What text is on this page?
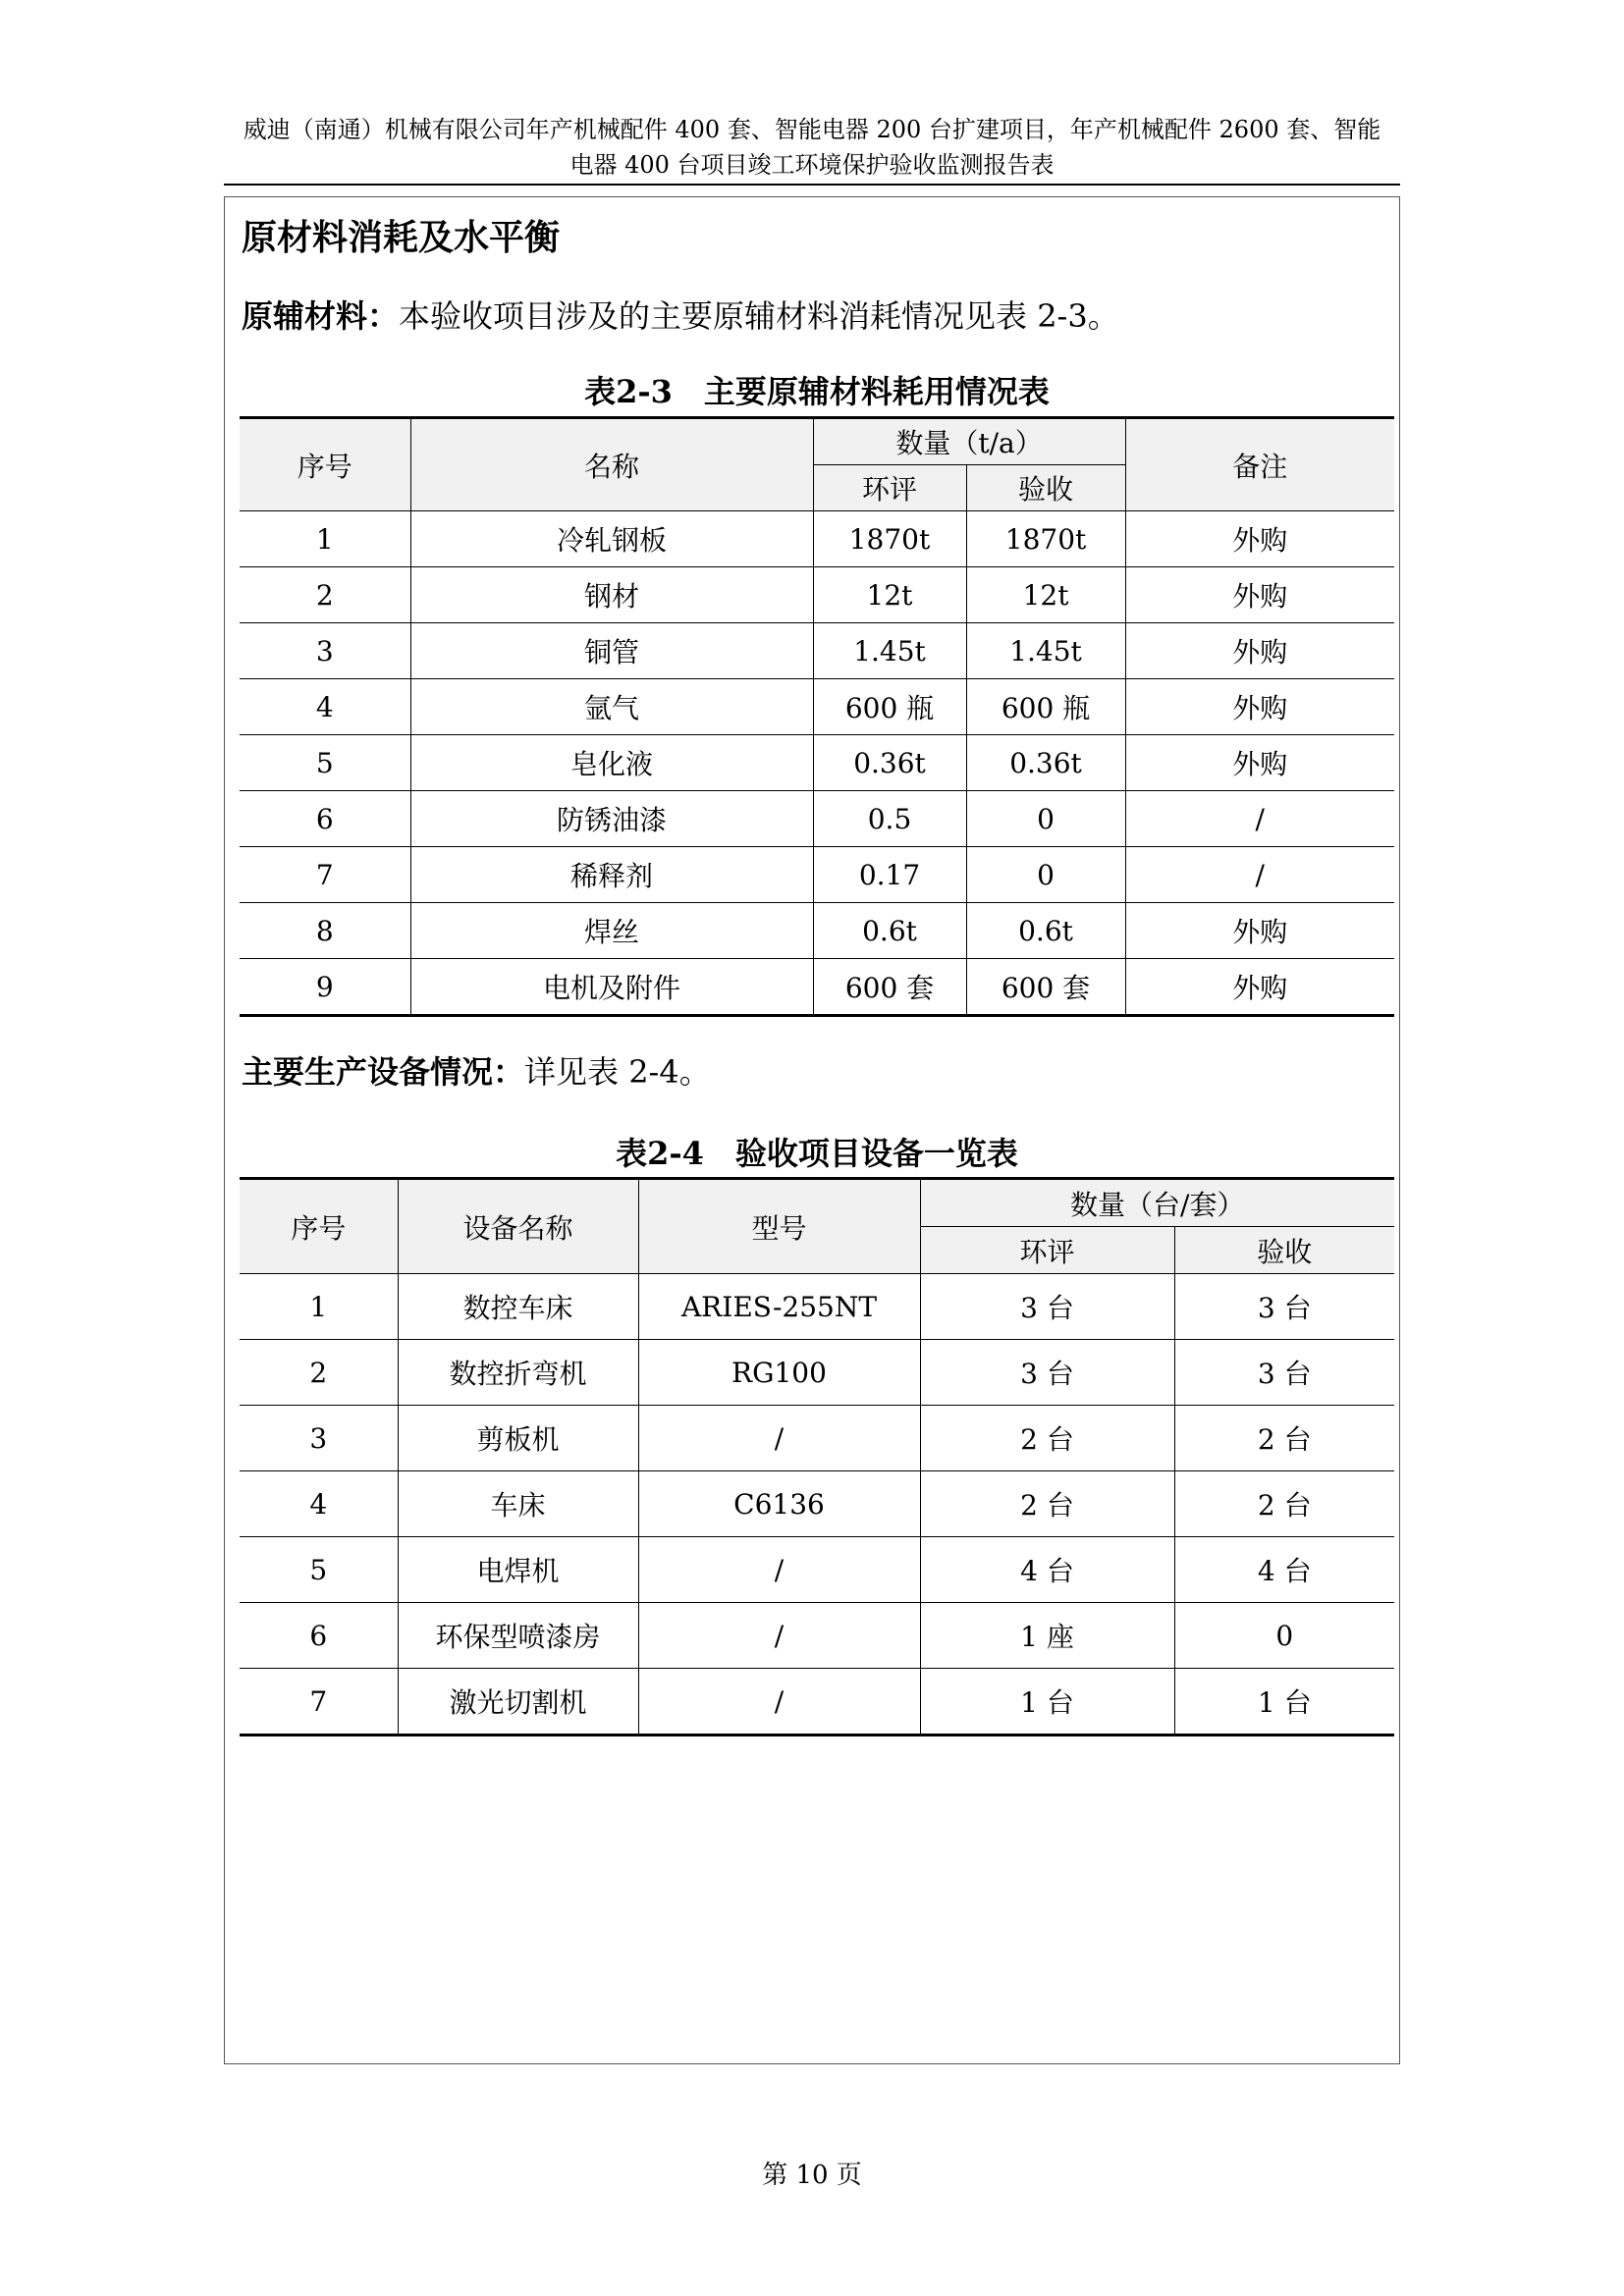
威迪（南通）机械有限公司年产机械配件 400 套、智能电器 200 台扩建项目，年产机械配件 2600 套、智能
电器 400 台项目竣工环境保护验收监测报告表
原材料消耗及水平衡
原辅材料：本验收项目涉及的主要原辅材料消耗情况见表 2-3。
表2-3　主要原辅材料耗用情况表
序号	名称	数量（t/a）		备注
		环评	验收	
1	冷轧钢板	1870t	1870t	外购
2	钢材	12t	12t	外购
3	铜管	1.45t	1.45t	外购
4	氩气	600 瓶	600 瓶	外购
5	皂化液	0.36t	0.36t	外购
6	防锈油漆	0.5	0	/
7	稀释剂	0.17	0	/
8	焊丝	0.6t	0.6t	外购
9	电机及附件	600 套	600 套	外购
主要生产设备情况：详见表 2-4。
表2-4　验收项目设备一览表
序号	设备名称	型号	数量（台/套）	
			环评	验收
1	数控车床	ARIES-255NT	3 台	3 台
2	数控折弯机	RG100	3 台	3 台
3	剪板机	/	2 台	2 台
4	车床	C6136	2 台	2 台
5	电焊机	/	4 台	4 台
6	环保型喷漆房	/	1 座	0
7	激光切割机	/	1 台	1 台
第 10 页
